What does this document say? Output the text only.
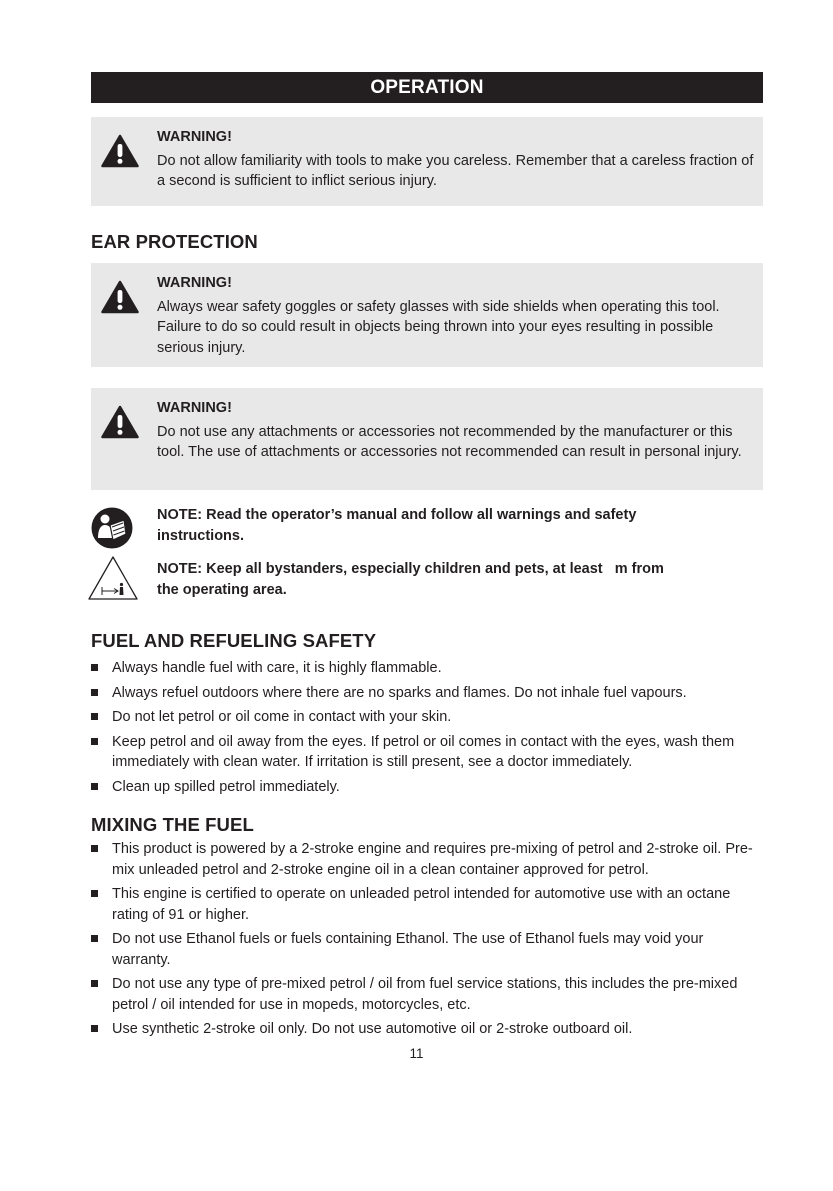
OPERATION
WARNING!
Do not allow familiarity with tools to make you careless. Remember that a careless fraction of a second is sufficient to inflict serious injury.
EAR PROTECTION
WARNING!
Always wear safety goggles or safety glasses with side shields when operating this tool. Failure to do so could result in objects being thrown into your eyes resulting in possible serious injury.
WARNING!
Do not use any attachments or accessories not recommended by the manufacturer or this tool. The use of attachments or accessories not recommended can result in personal injury.
NOTE: Read the operator’s manual and follow all warnings and safety instructions.
NOTE: Keep all bystanders, especially children and pets, at least   m from the operating area.
FUEL AND REFUELING SAFETY
Always handle fuel with care, it is highly flammable.
Always refuel outdoors where there are no sparks and flames. Do not inhale fuel vapours.
Do not let petrol or oil come in contact with your skin.
Keep petrol and oil away from the eyes. If petrol or oil comes in contact with the eyes, wash them immediately with clean water. If irritation is still present, see a doctor immediately.
Clean up spilled petrol immediately.
MIXING THE FUEL
This product is powered by a 2-stroke engine and requires pre-mixing of petrol and 2-stroke oil. Pre-mix unleaded petrol and 2-stroke engine oil in a clean container approved for petrol.
This engine is certified to operate on unleaded petrol intended for automotive use with an octane rating of 91 or higher.
Do not use Ethanol fuels or fuels containing Ethanol. The use of Ethanol fuels may void your warranty.
Do not use any type of pre-mixed petrol / oil from fuel service stations, this includes the pre-mixed petrol / oil intended for use in mopeds, motorcycles, etc.
Use synthetic 2-stroke oil only. Do not use automotive oil or 2-stroke outboard oil.
11
